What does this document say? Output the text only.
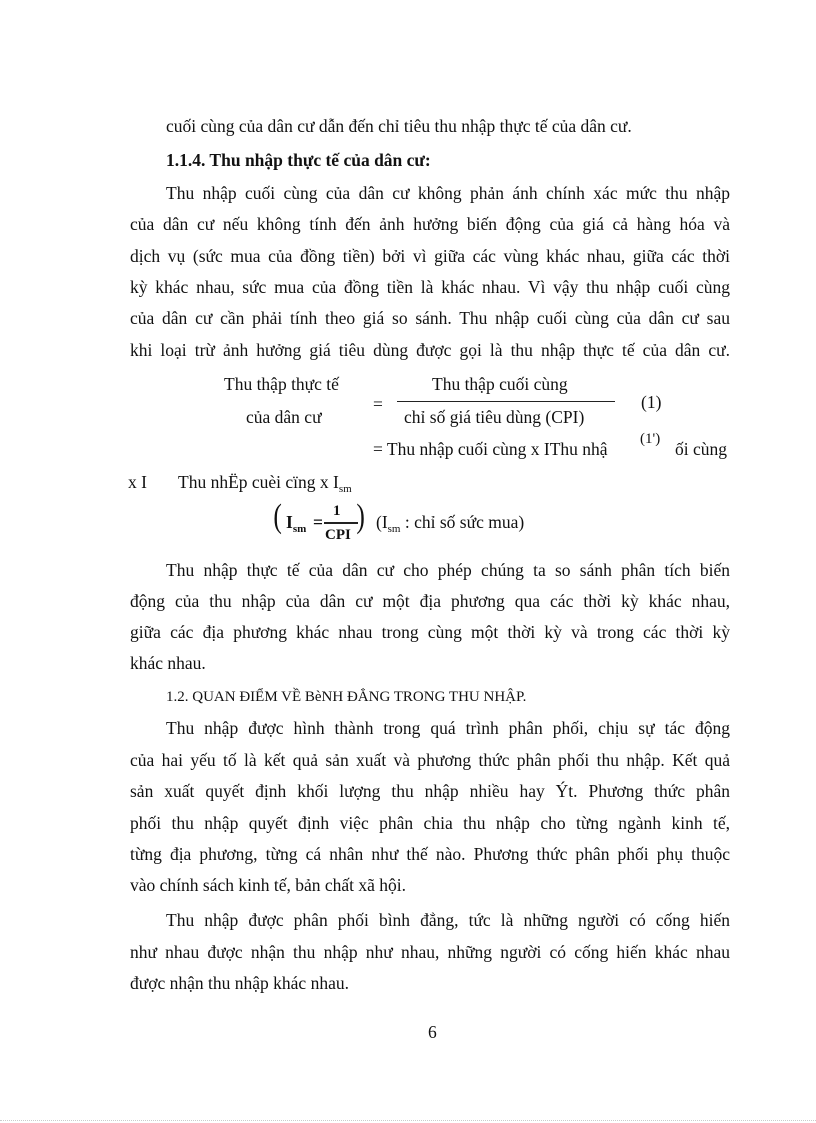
cuối cùng của dân cư dẫn đến chỉ tiêu thu nhập thực tế của dân cư.
1.1.4. Thu nhập thực tế của dân cư:
Thu nhập cuối cùng của dân cư không phản ánh chính xác mức thu nhập
của dân cư nếu không tính đến ảnh hưởng biến động của giá cả hàng hóa và
dịch vụ (sức mua của đồng tiền) bởi vì giữa các vùng khác nhau, giữa các thời
kỳ khác nhau, sức mua của đồng tiền là khác nhau. Vì vậy thu nhập cuối cùng
của dân cư cần phải tính theo giá so sánh. Thu nhập cuối cùng của dân cư sau
khi loại trừ ảnh hưởng giá tiêu dùng được gọi là thu nhập thực tế của dân cư.
Thu thập thực tế
của dân cư
=
Thu thập cuối cùng
chỉ số giá tiêu dùng (CPI)
(1)
= Thu nhập cuối cùng x IThu nhậ (1') ối cùng
x I Thu nhËp cuèi cïng x $I_{sm}$
( $I_{sm}$ =
1
CPI ) ($I_{sm}$ : chỉ số sức mua)
Thu nhập thực tế của dân cư cho phép chúng ta so sánh phân tích biến
động của thu nhập của dân cư một địa phương qua các thời kỳ khác nhau,
giữa các địa phương khác nhau trong cùng một thời kỳ và trong các thời kỳ
khác nhau.
1.2. QUAN ĐIỂM VỀ BèNH ĐẲNG TRONG THU NHẬP.
Thu nhập được hình thành trong quá trình phân phối, chịu sự tác động
của hai yếu tố là kết quả sản xuất và phương thức phân phối thu nhập. Kết quả
sản xuất quyết định khối lượng thu nhập nhiều hay Ýt. Phương thức phân
phối thu nhập quyết định việc phân chia thu nhập cho từng ngành kinh tế,
từng địa phương, từng cá nhân như thế nào. Phương thức phân phối phụ thuộc
vào chính sách kinh tế, bản chất xã hội.
Thu nhập được phân phối bình đẳng, tức là những người có cống hiến
như nhau được nhận thu nhập như nhau, những người có cống hiến khác nhau
được nhận thu nhập khác nhau.
6
